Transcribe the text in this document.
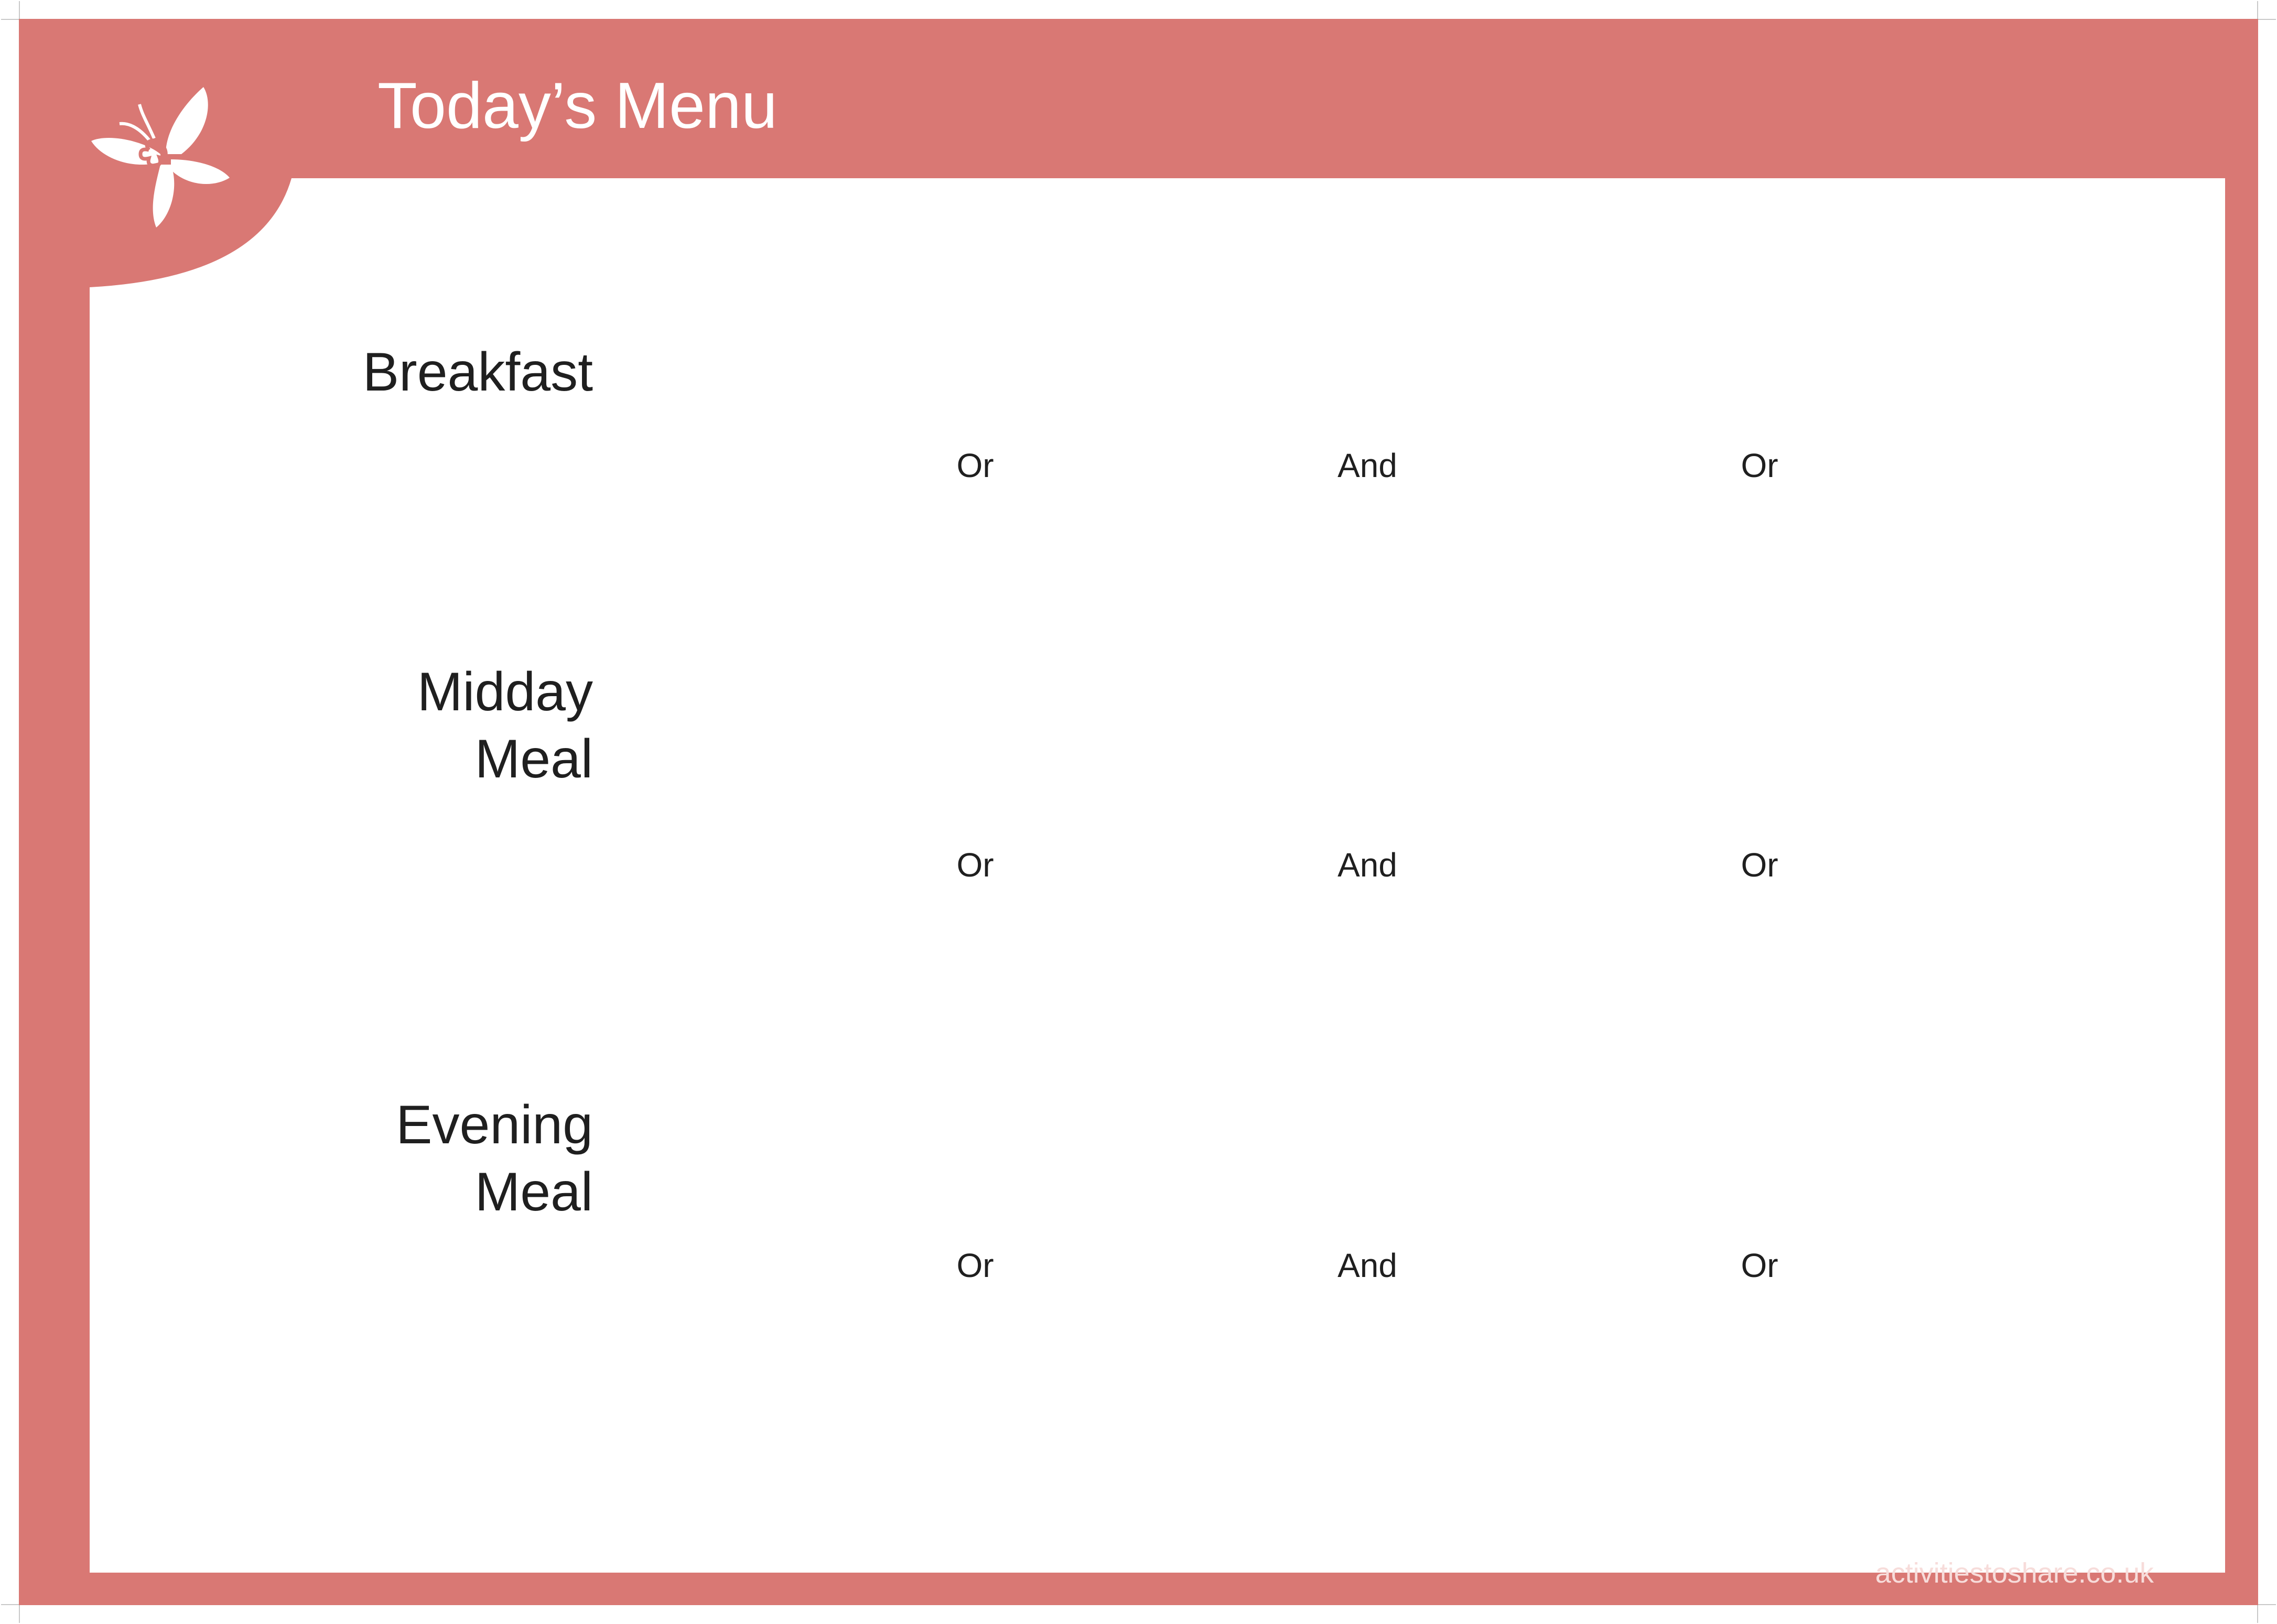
Today’s Menu
Breakfast
Midday
Meal
Evening
Meal
Or	And	Or
Or	And	Or
Or	And	Or
activitiestoshare.co.uk
